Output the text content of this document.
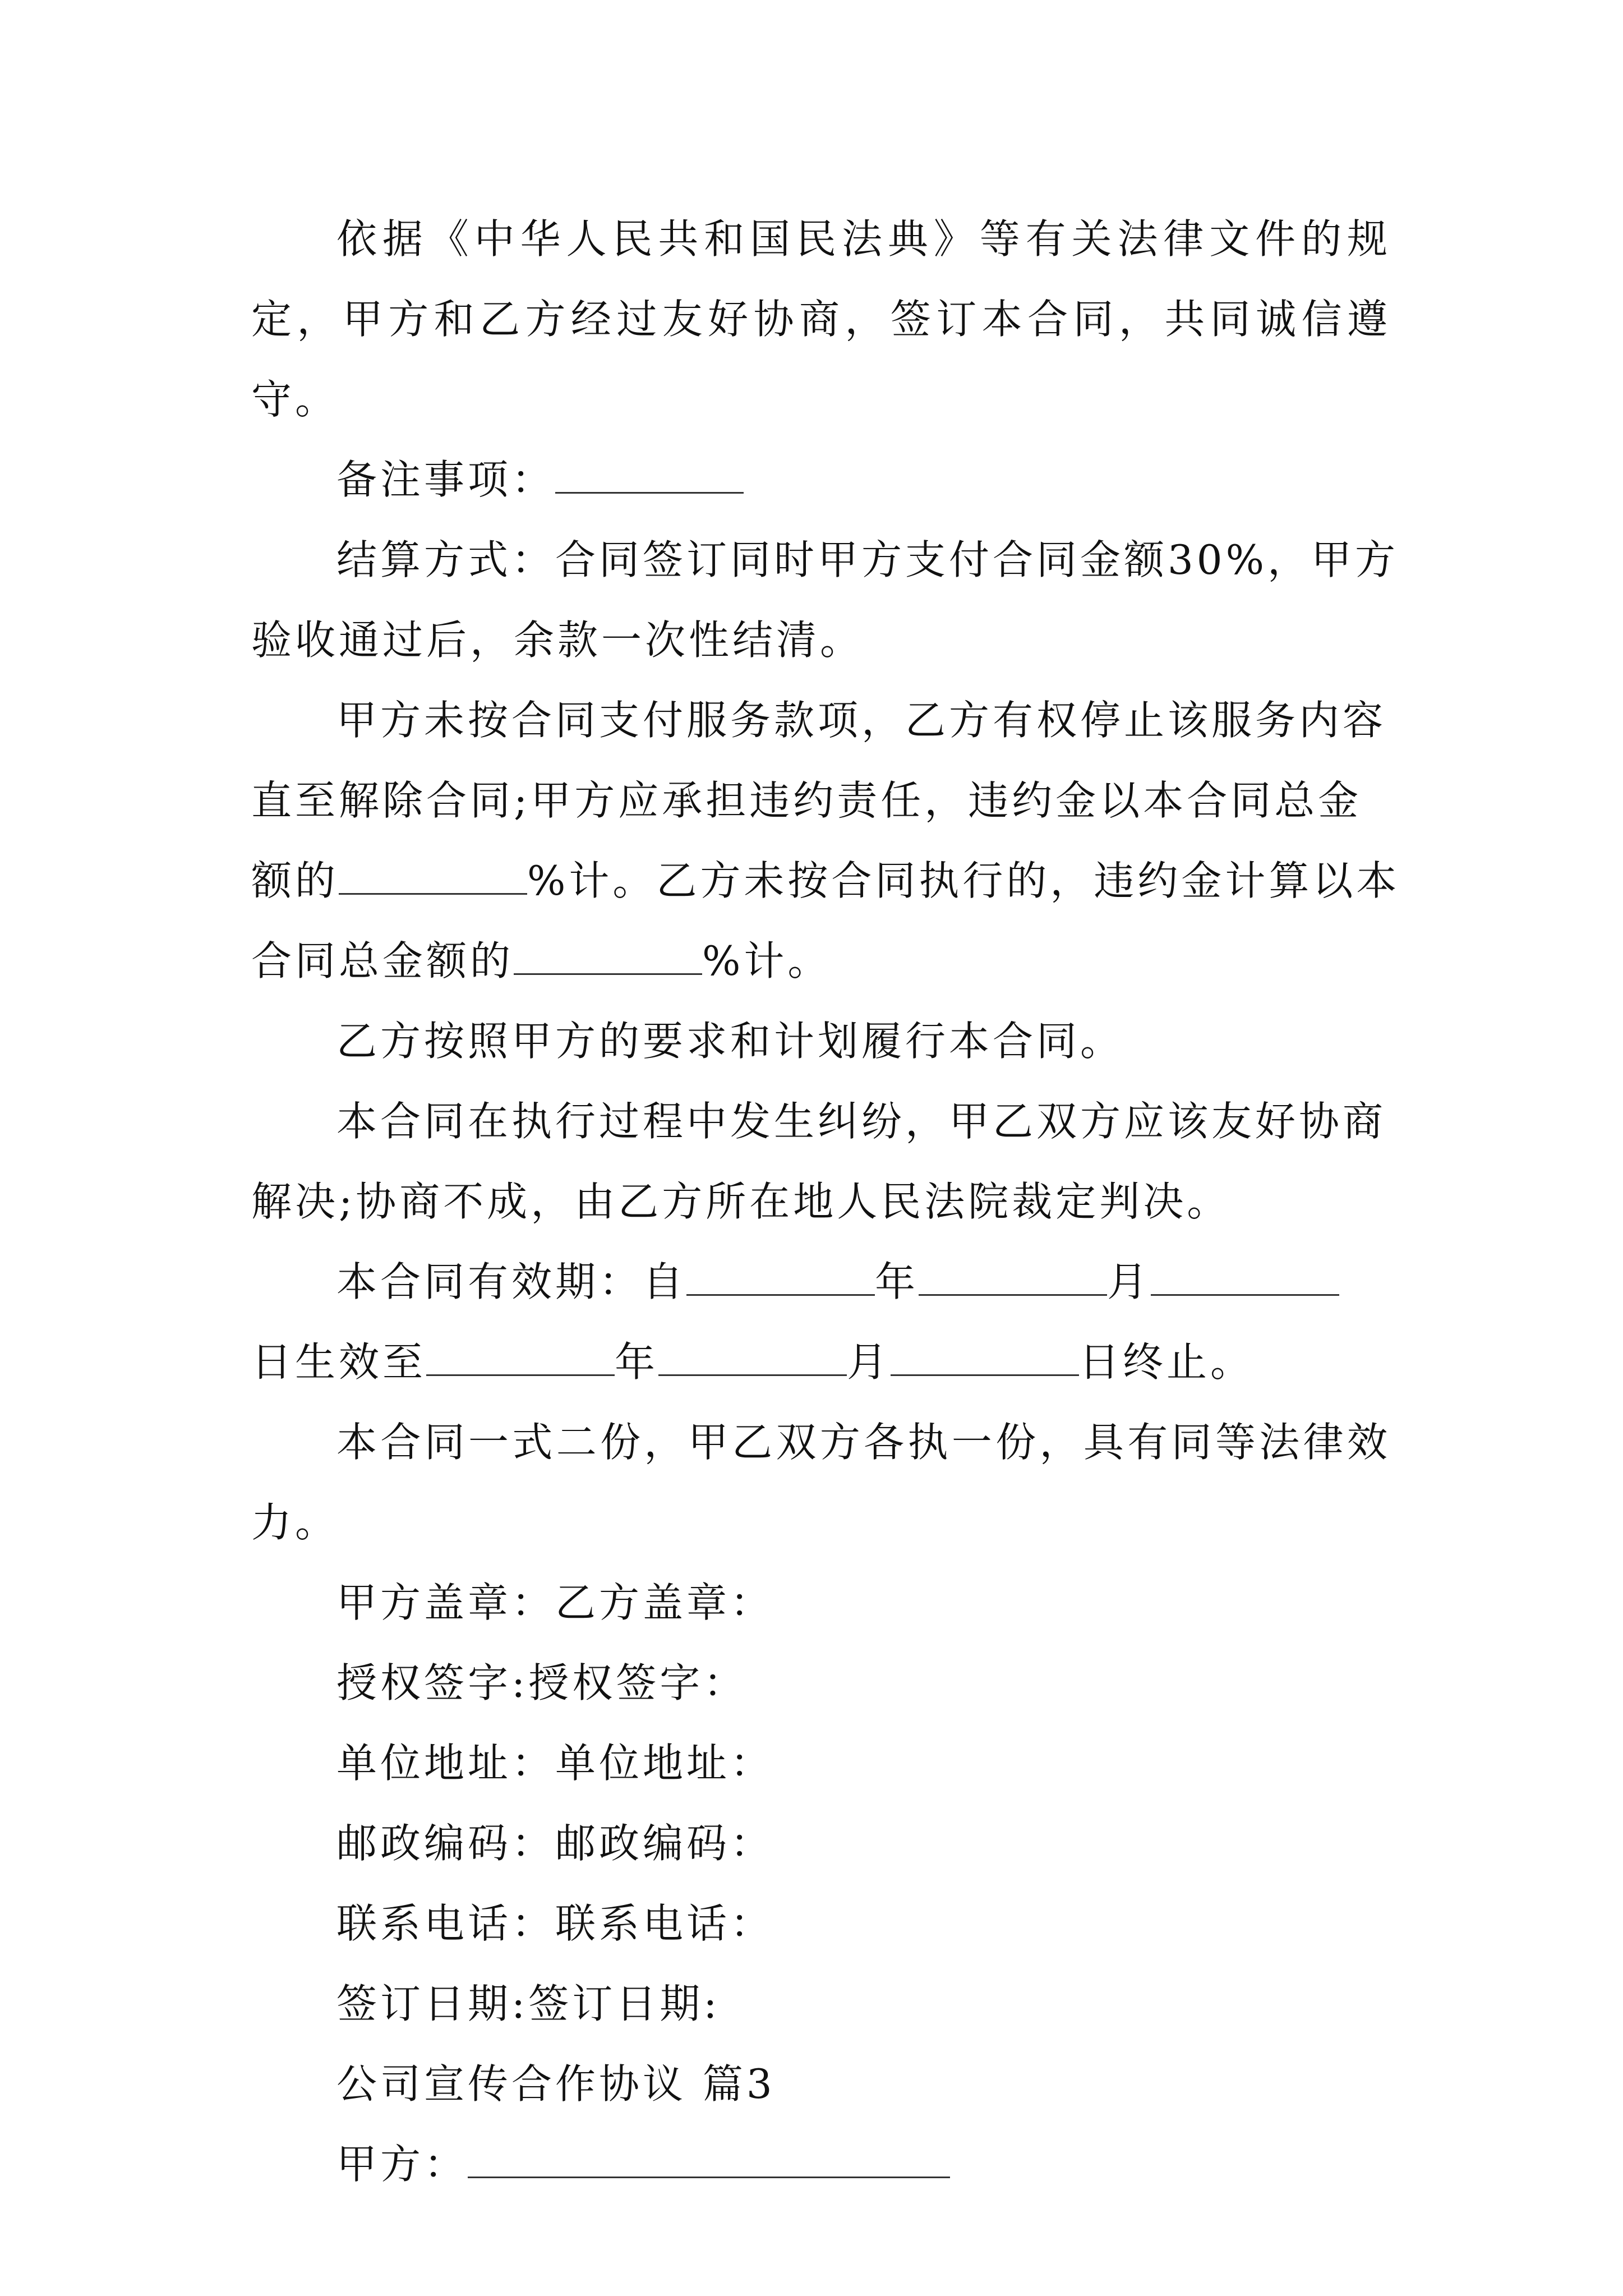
依据《中华人民共和国民法典》等有关法律文件的规定，甲方和乙方经过友好协商，签订本合同，共同诚信遵守。

备注事项：

结算方式：合同签订同时甲方支付合同金额30%，甲方

验收通过后，余款一次性结清。

甲方未按合同支付服务款项，乙方有权停止该服务内容

直至解除合同;甲方应承担违约责任，违约金以本合同总金

额的	%计。乙方未按合同执行的，违约金计算以本

合同总金额的	%计。

乙方按照甲方的要求和计划履行本合同。

本合同在执行过程中发生纠纷，甲乙双方应该友好协商

解决;协商不成，由乙方所在地人民法院裁定判决。

本合同有效期：自	年	月

日生效至	年	月	日终止。

本合同一式二份，甲乙双方各执一份，具有同等法律效力。

甲方盖章：乙方盖章：

授权签字:授权签字：

单位地址：单位地址：

邮政编码：邮政编码：

联系电话：联系电话：

签订日期:签订日期:

公司宣传合作协议 篇3

甲方：
